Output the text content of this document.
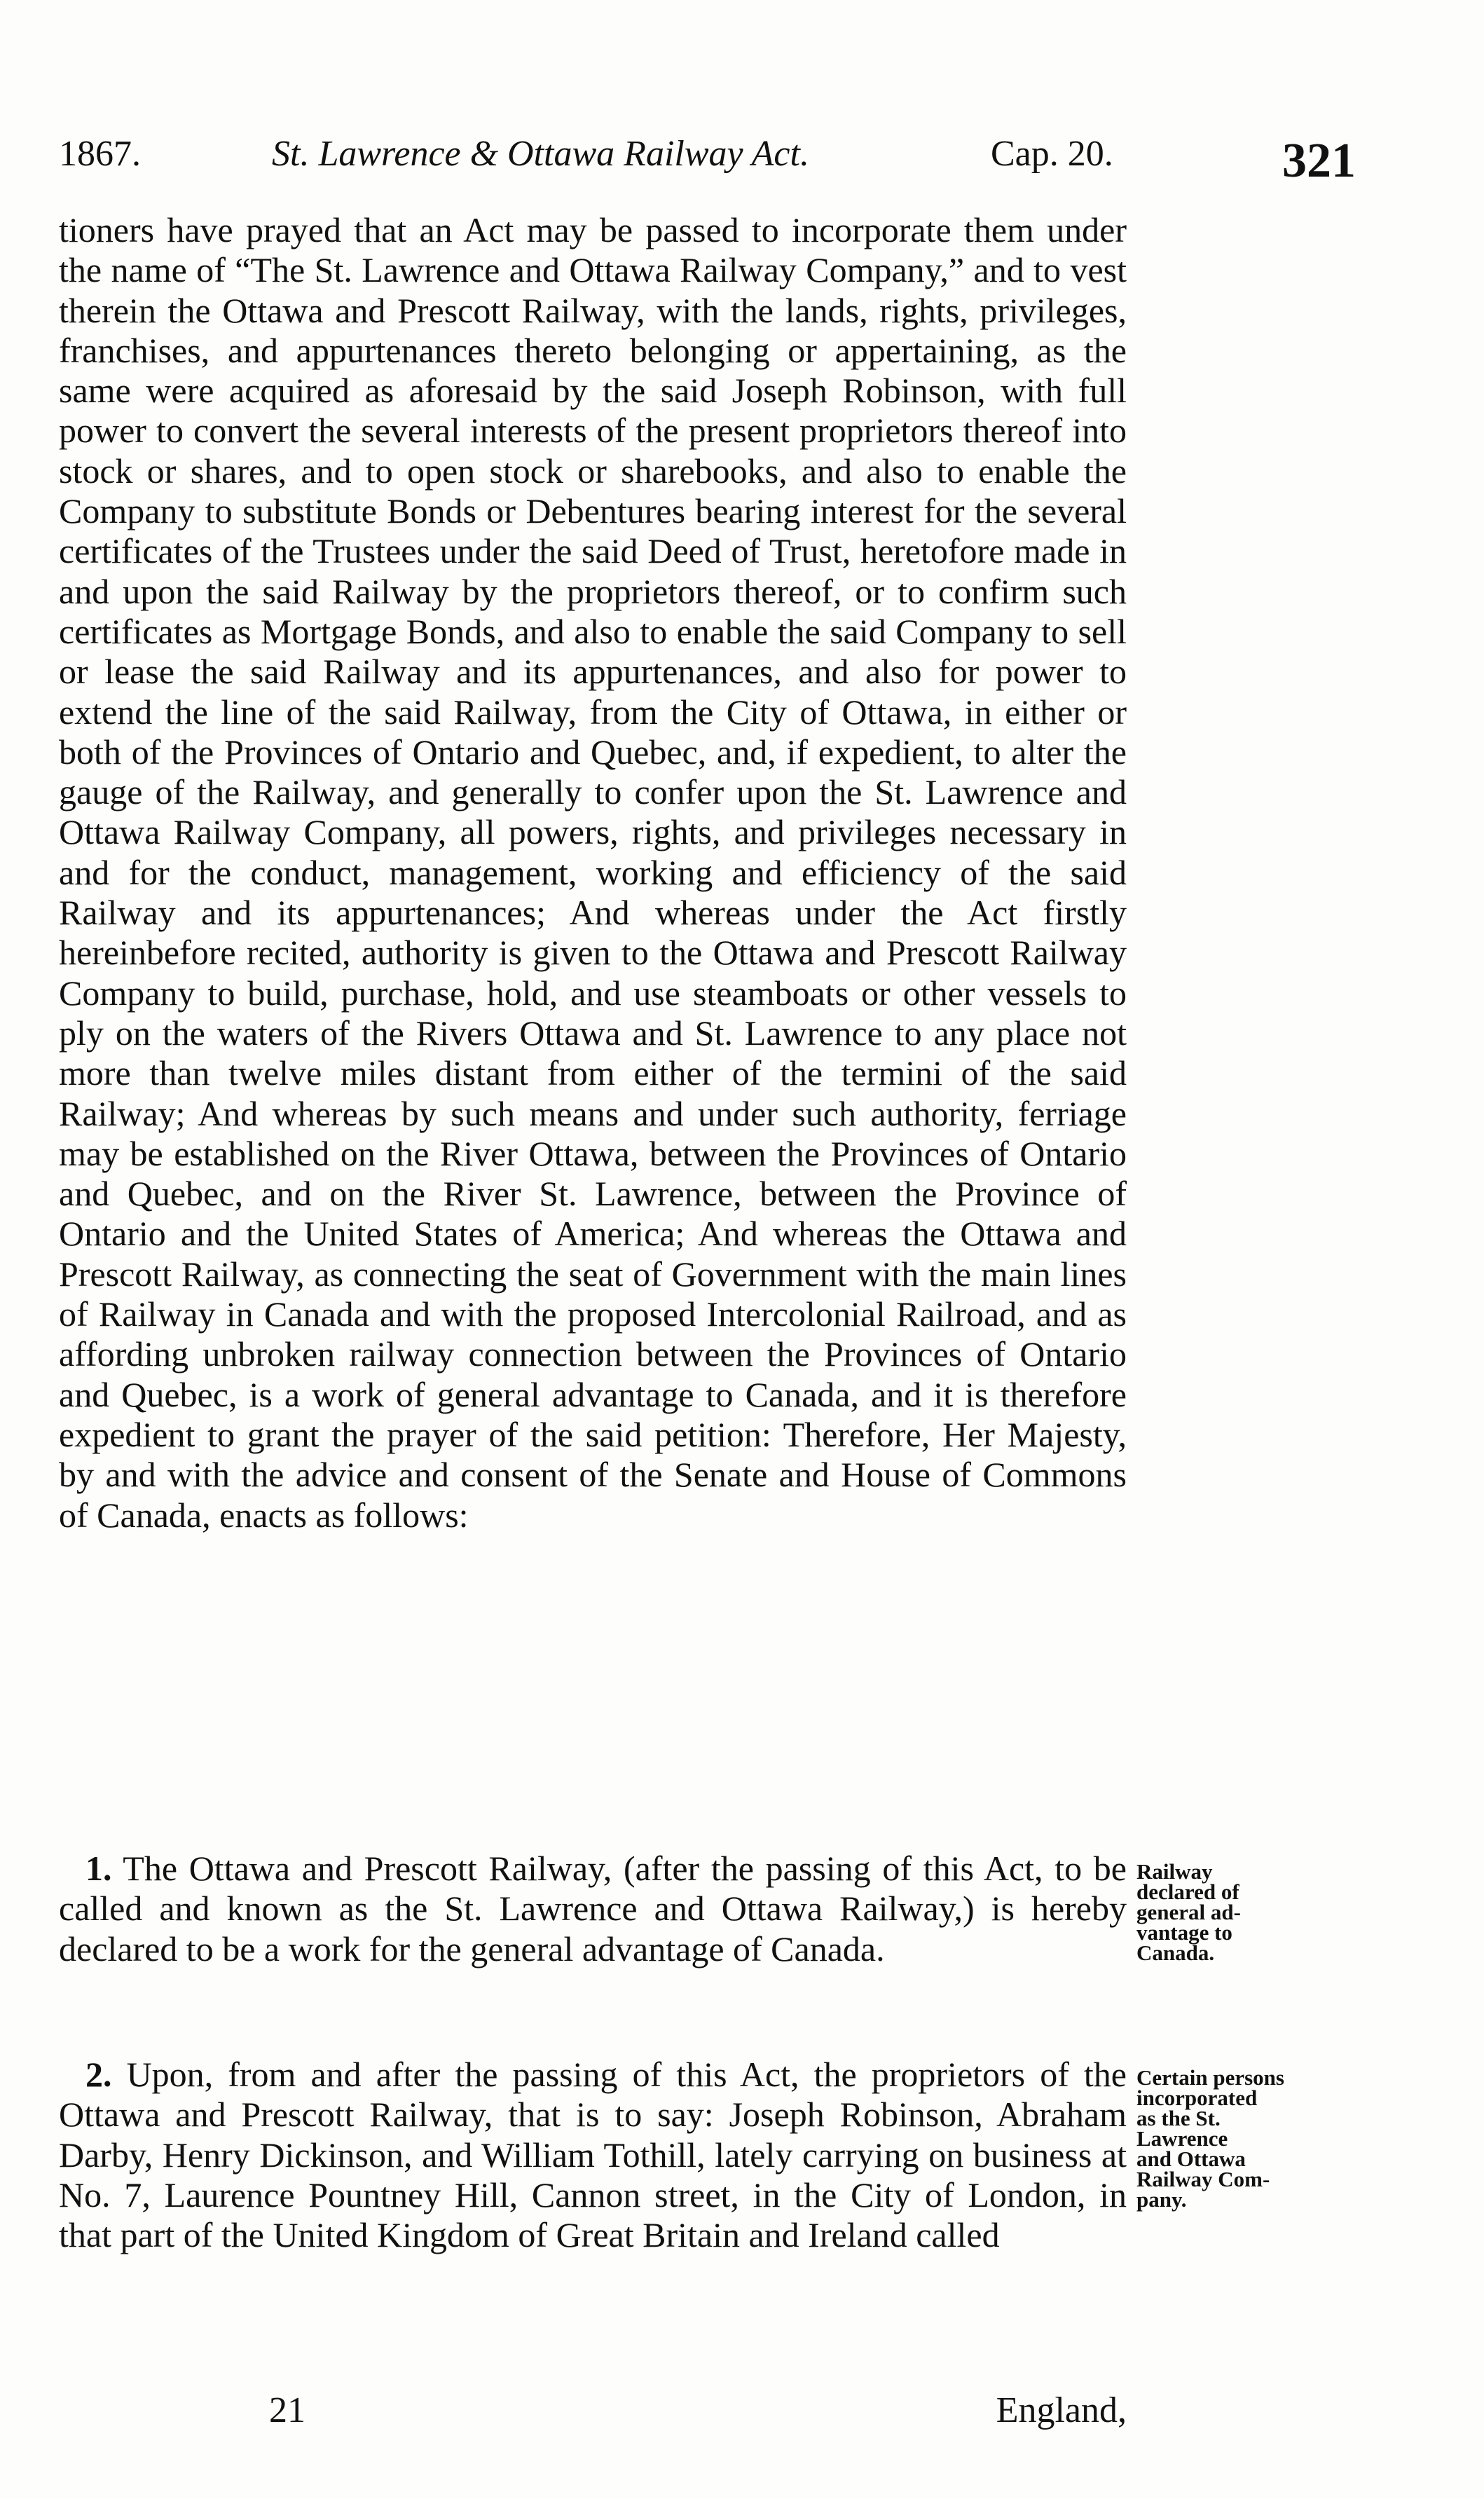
1867.	St. Lawrence & Ottawa Railway Act.	Cap. 20.	321

tioners have prayed that an Act may be passed to incorporate them under the name of “The St. Lawrence and Ottawa Railway Company,” and to vest therein the Ottawa and Prescott Railway, with the lands, rights, privileges, franchises, and appurtenances thereto belonging or appertaining, as the same were acquired as aforesaid by the said Joseph Robinson, with full power to convert the several interests of the present proprietors thereof into stock or shares, and to open stock or sharebooks, and also to enable the Company to substitute Bonds or Debentures bearing interest for the several certificates of the Trustees under the said Deed of Trust, heretofore made in and upon the said Railway by the proprietors thereof, or to confirm such certificates as Mortgage Bonds, and also to enable the said Company to sell or lease the said Railway and its appurtenances, and also for power to extend the line of the said Railway, from the City of Ottawa, in either or both of the Provinces of Ontario and Quebec, and, if expedient, to alter the gauge of the Railway, and generally to confer upon the St. Lawrence and Ottawa Railway Company, all powers, rights, and privileges necessary in and for the conduct, management, working and efficiency of the said Railway and its appurtenances; And whereas under the Act firstly hereinbefore recited, authority is given to the Ottawa and Prescott Railway Company to build, purchase, hold, and use steamboats or other vessels to ply on the waters of the Rivers Ottawa and St. Lawrence to any place not more than twelve miles distant from either of the termini of the said Railway; And whereas by such means and under such authority, ferriage may be established on the River Ottawa, between the Provinces of Ontario and Quebec, and on the River St. Lawrence, between the Province of Ontario and the United States of America; And whereas the Ottawa and Prescott Railway, as connecting the seat of Government with the main lines of Railway in Canada and with the proposed Intercolonial Railroad, and as affording unbroken railway connection between the Provinces of Ontario and Quebec, is a work of general advantage to Canada, and it is therefore expedient to grant the prayer of the said petition: Therefore, Her Majesty, by and with the advice and consent of the Senate and House of Commons of Canada, enacts as follows:

1. The Ottawa and Prescott Railway, (after the passing of this Act, to be called and known as the St. Lawrence and Ottawa Railway,) is hereby declared to be a work for the general advantage of Canada.

Railway
declared of
general ad-
vantage to
Canada.

2. Upon, from and after the passing of this Act, the proprietors of the Ottawa and Prescott Railway, that is to say: Joseph Robinson, Abraham Darby, Henry Dickinson, and William Tothill, lately carrying on business at No. 7, Laurence Pountney Hill, Cannon street, in the City of London, in that part of the United Kingdom of Great Britain and Ireland called

Certain persons
incorporated
as the St.
Lawrence
and Ottawa
Railway Com-
pany.

21	England,
